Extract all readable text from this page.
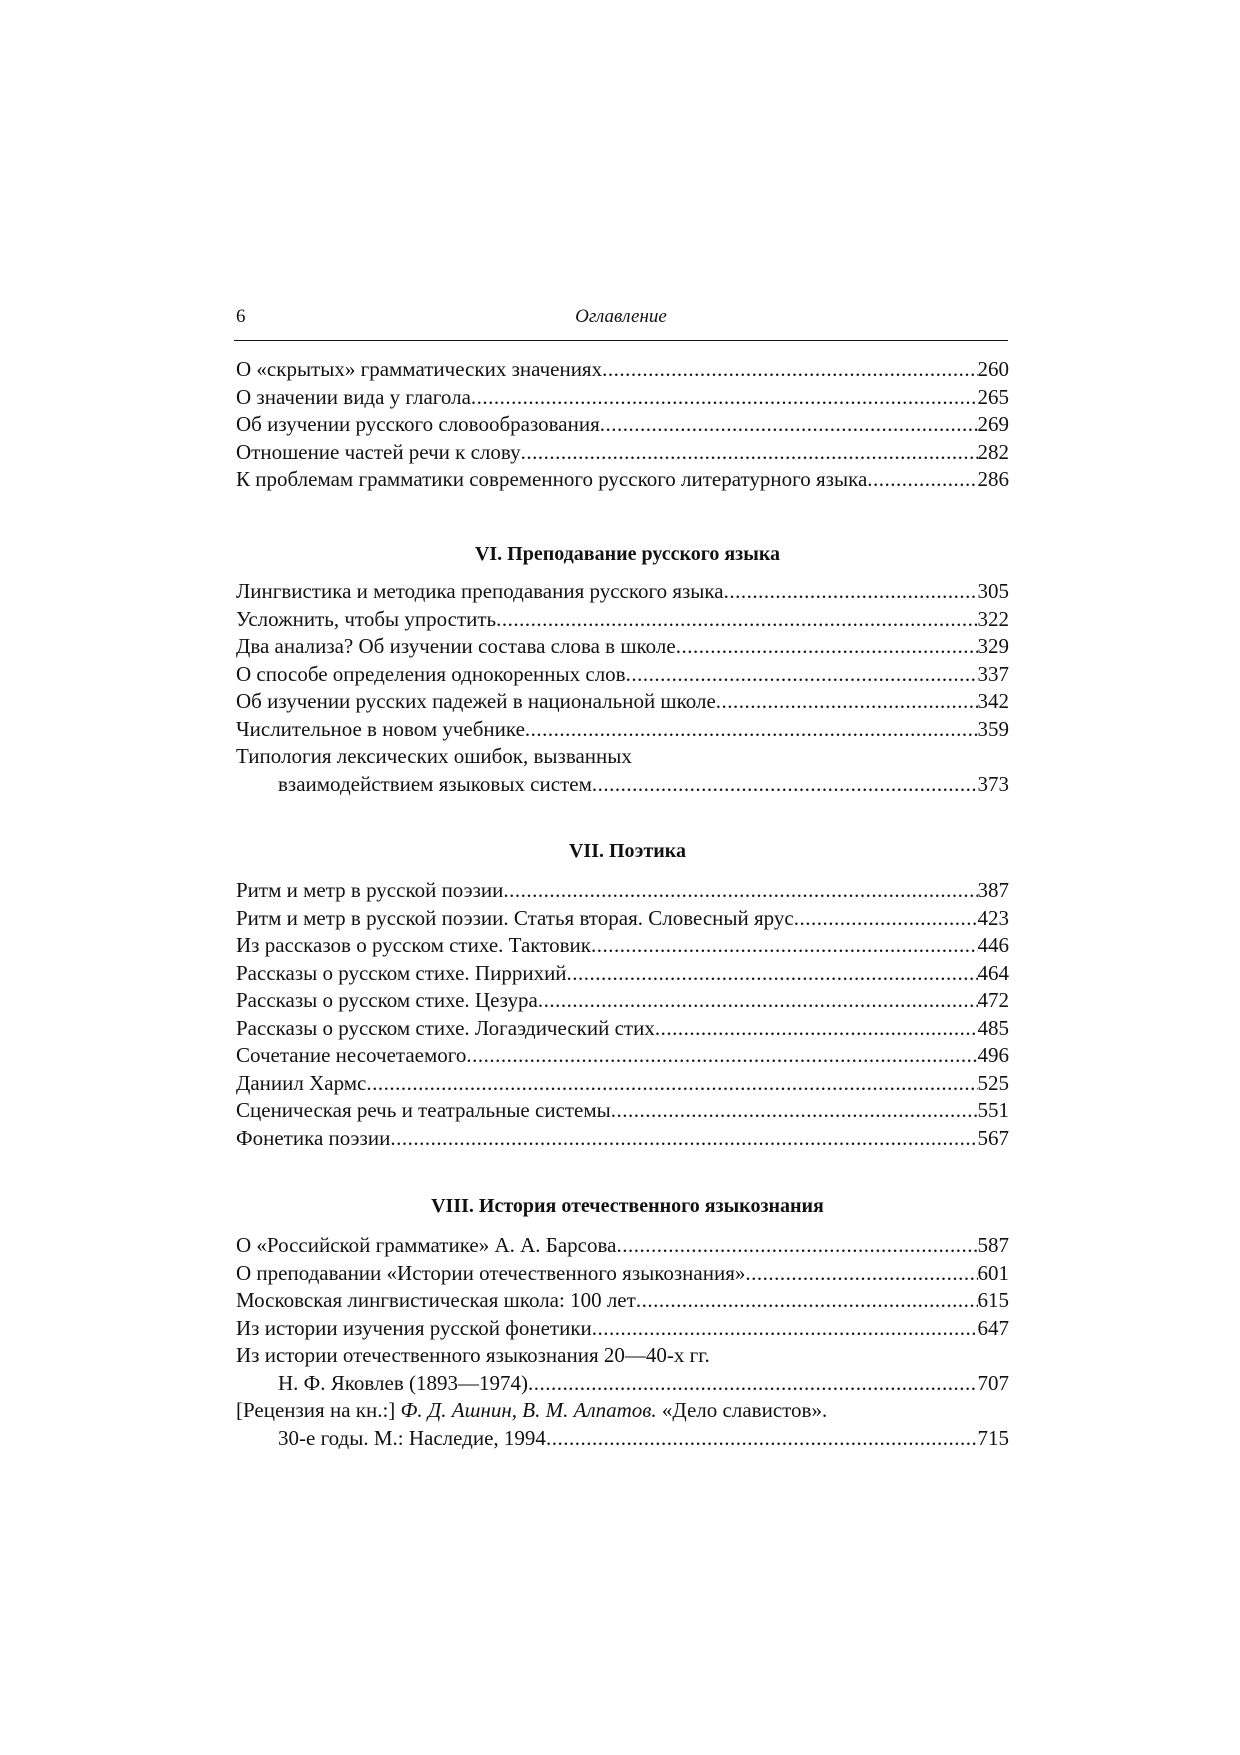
6	Оглавление
О «скрытых» грамматических значениях .....	260
О значении вида у глагола .....	265
Об изучении русского словообразования .....	269
Отношение частей речи к слову .....	282
К проблемам грамматики современного русского литературного языка .....	286
VI. Преподавание русского языка
Лингвистика и методика преподавания русского языка .....	305
Усложнить, чтобы упростить .....	322
Два анализа? Об изучении состава слова в школе .....	329
О способе определения однокоренных слов .....	337
Об изучении русских падежей в национальной школе .....	342
Числительное в новом учебнике .....	359
Типология лексических ошибок, вызванных
взаимодействием языковых систем .....	373
VII. Поэтика
Ритм и метр в русской поэзии .....	387
Ритм и метр в русской поэзии. Статья вторая. Словесный ярус .....	423
Из рассказов о русском стихе. Тактовик .....	446
Рассказы о русском стихе. Пиррихий .....	464
Рассказы о русском стихе. Цезура .....	472
Рассказы о русском стихе. Логаэдический стих .....	485
Сочетание несочетаемого .....	496
Даниил Хармс .....	525
Сценическая речь и театральные системы .....	551
Фонетика поэзии .....	567
VIII. История отечественного языкознания
О «Российской грамматике» А. А. Барсова .....	587
О преподавании «Истории отечественного языкознания» .....	601
Московская лингвистическая школа: 100 лет .....	615
Из истории изучения русской фонетики .....	647
Из истории отечественного языкознания 20—40-х гг.
Н. Ф. Яковлев (1893—1974) .....	707
[Рецензия на кн.:] Ф. Д. Ашнин, В. М. Алпатов. «Дело славистов».
30-е годы. М.: Наследие, 1994 .....	715
